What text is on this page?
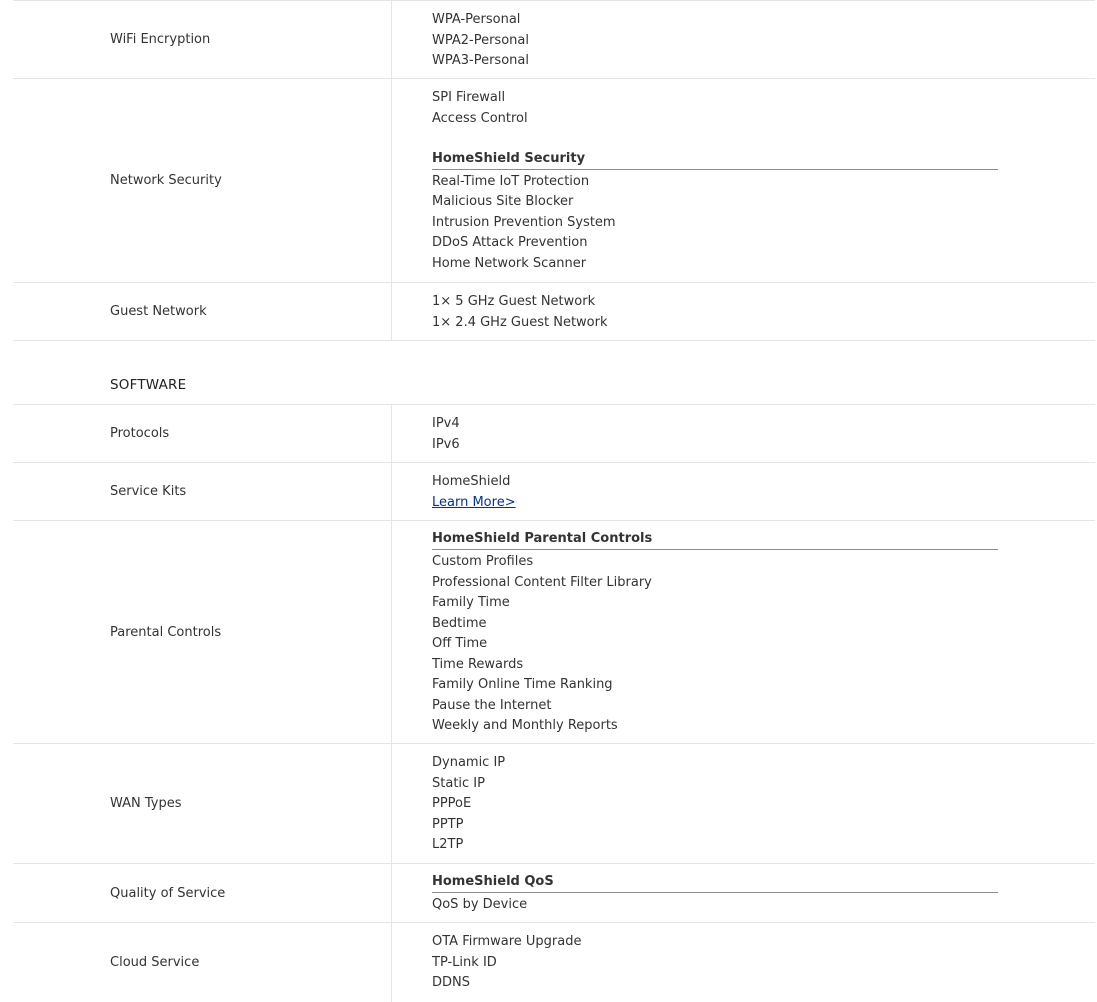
WiFi Encryption
WPA-Personal
WPA2-Personal
WPA3-Personal
Network Security
SPI Firewall
Access Control
HomeShield Security
Real-Time IoT Protection
Malicious Site Blocker
Intrusion Prevention System
DDoS Attack Prevention
Home Network Scanner
Guest Network
1× 5 GHz Guest Network
1× 2.4 GHz Guest Network
SOFTWARE
Protocols
IPv4
IPv6
Service Kits
HomeShield
Learn More>
Parental Controls
HomeShield Parental Controls
Custom Profiles
Professional Content Filter Library
Family Time
Bedtime
Off Time
Time Rewards
Family Online Time Ranking
Pause the Internet
Weekly and Monthly Reports
WAN Types
Dynamic IP
Static IP
PPPoE
PPTP
L2TP
Quality of Service
HomeShield QoS
QoS by Device
Cloud Service
OTA Firmware Upgrade
TP-Link ID
DDNS
